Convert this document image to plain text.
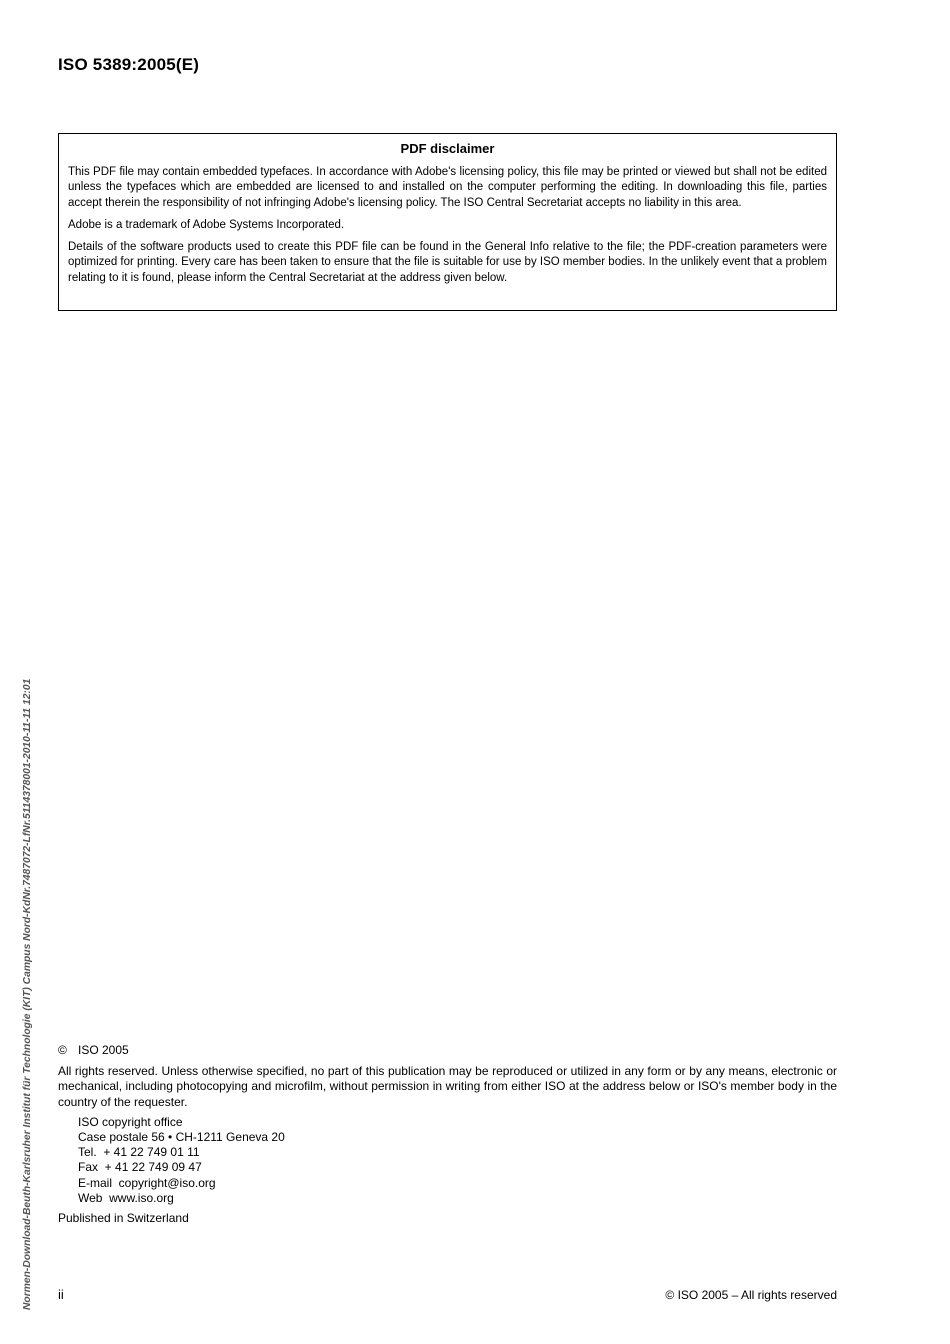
ISO 5389:2005(E)
PDF disclaimer

This PDF file may contain embedded typefaces. In accordance with Adobe's licensing policy, this file may be printed or viewed but shall not be edited unless the typefaces which are embedded are licensed to and installed on the computer performing the editing. In downloading this file, parties accept therein the responsibility of not infringing Adobe's licensing policy. The ISO Central Secretariat accepts no liability in this area.

Adobe is a trademark of Adobe Systems Incorporated.

Details of the software products used to create this PDF file can be found in the General Info relative to the file; the PDF-creation parameters were optimized for printing. Every care has been taken to ensure that the file is suitable for use by ISO member bodies. In the unlikely event that a problem relating to it is found, please inform the Central Secretariat at the address given below.

Normen-Download-Beuth-Karlsruher Institut für Technologie (KIT) Campus Nord-KdNr.7487072-LfNr.5114378001-2010-11-11 12:01 © ISO 2005

All rights reserved. Unless otherwise specified, no part of this publication may be reproduced or utilized in any form or by any means, electronic or mechanical, including photocopying and microfilm, without permission in writing from either ISO at the address below or ISO's member body in the country of the requester.

ISO copyright office
Case postale 56 • CH-1211 Geneva 20
Tel.  + 41 22 749 01 11
Fax  + 41 22 749 09 47
E-mail  copyright@iso.org
Web  www.iso.org

Published in Switzerland

ii	© ISO 2005 – All rights reserved
